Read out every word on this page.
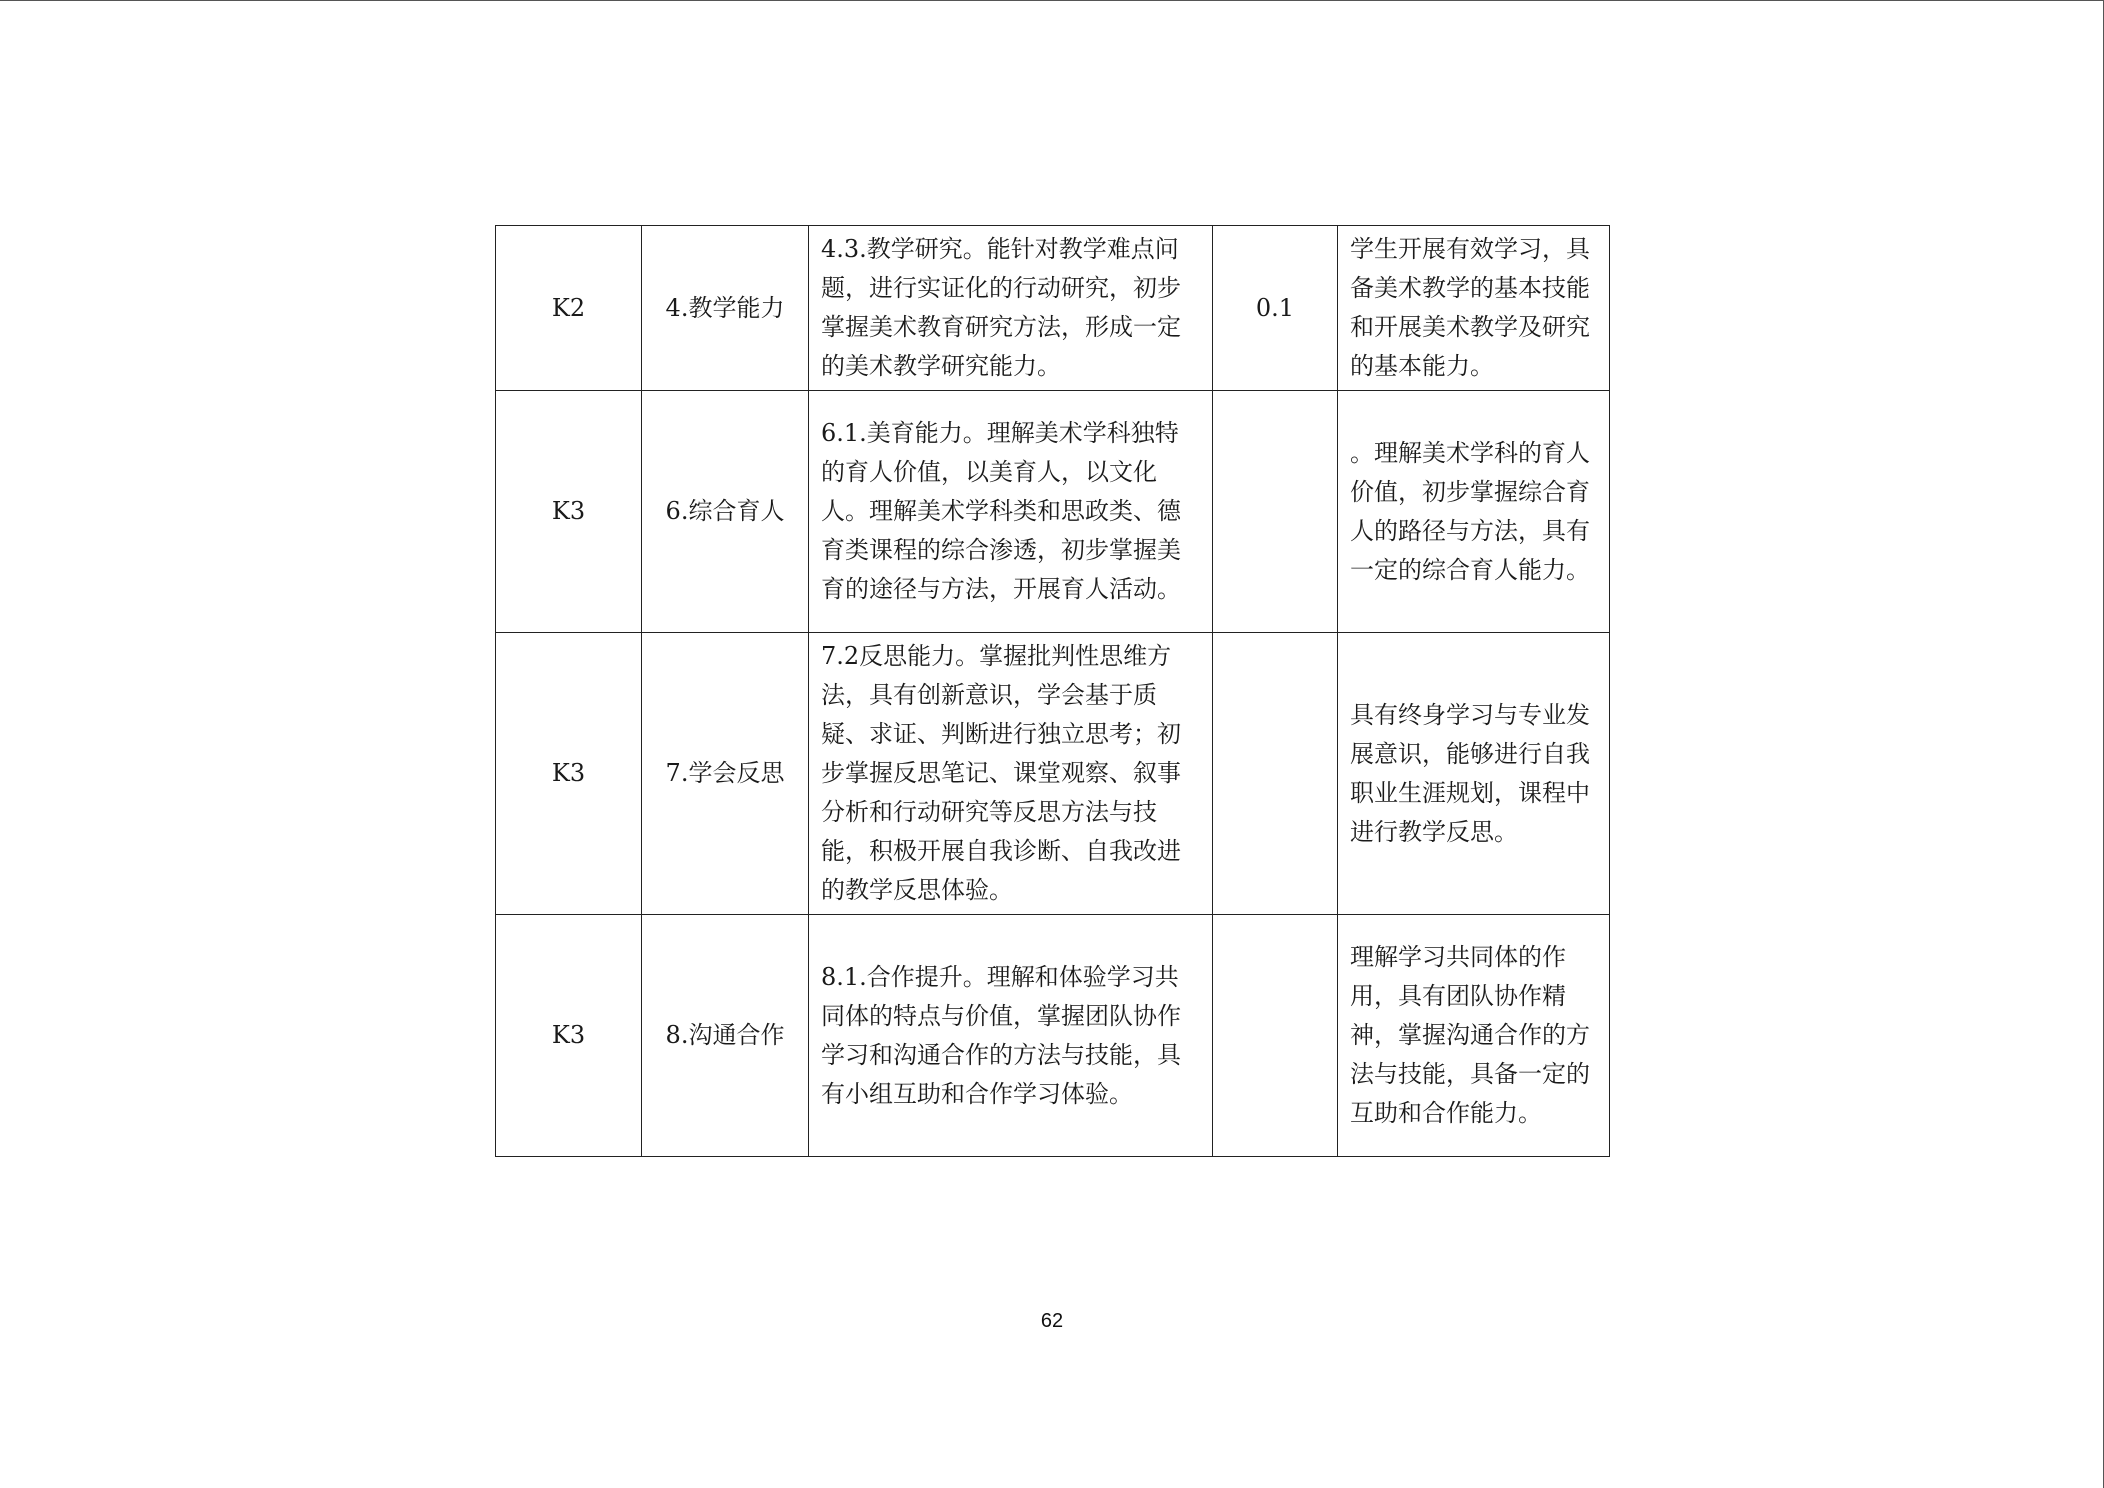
K2	4.教学能力	4.3.教学研究。能针对教学难点问题，进行实证化的行动研究，初步掌握美术教育研究方法，形成一定的美术教学研究能力。	0.1	学生开展有效学习，具备美术教学的基本技能和开展美术教学及研究的基本能力。
K3	6.综合育人	6.1.美育能力。理解美术学科独特的育人价值，以美育人，以文化人。理解美术学科类和思政类、德育类课程的综合渗透，初步掌握美育的途径与方法，开展育人活动。		。理解美术学科的育人价值，初步掌握综合育人的路径与方法，具有一定的综合育人能力。
K3	7.学会反思	7.2反思能力。掌握批判性思维方法，具有创新意识，学会基于质疑、求证、判断进行独立思考；初步掌握反思笔记、课堂观察、叙事分析和行动研究等反思方法与技能，积极开展自我诊断、自我改进的教学反思体验。		具有终身学习与专业发展意识，能够进行自我职业生涯规划，课程中进行教学反思。
K3	8.沟通合作	8.1.合作提升。理解和体验学习共同体的特点与价值，掌握团队协作学习和沟通合作的方法与技能，具有小组互助和合作学习体验。		理解学习共同体的作用，具有团队协作精神，掌握沟通合作的方法与技能，具备一定的互助和合作能力。
62
